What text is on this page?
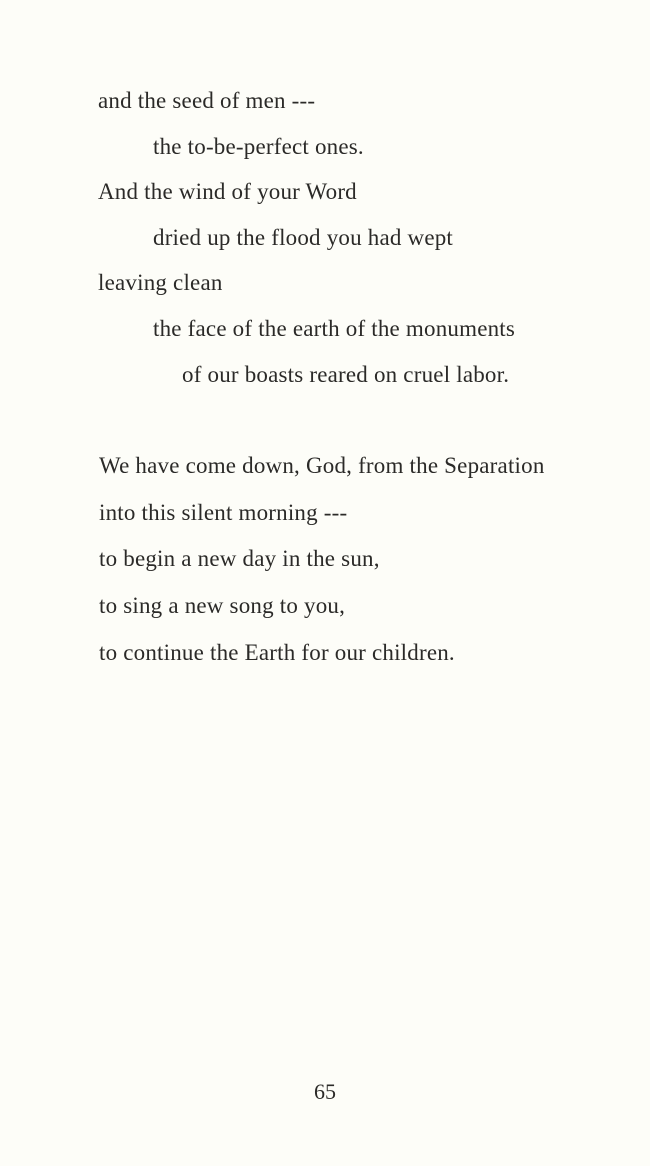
and the seed of men ---
the to-be-perfect ones.
And the wind of your Word
dried up the flood you had wept
leaving clean
the face of the earth of the monuments
of our boasts reared on cruel labor.
We have come down, God, from the Separation
into this silent morning ---
to begin a new day in the sun,
to sing a new song to you,
to continue the Earth for our children.
65
